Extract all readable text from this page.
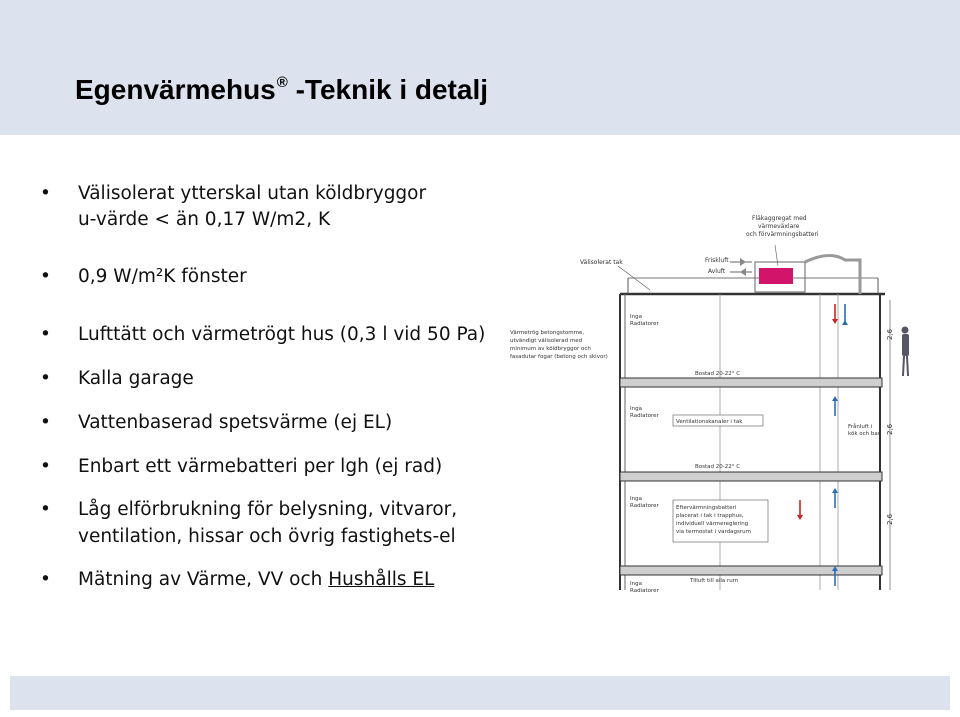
Egenvärmehus® -Teknik i detalj
• Välisolerat ytterskal utan köldbryggor
u-värde < än 0,17 W/m2, K
• 0,9 W/m²K fönster
• Lufttätt och värmetrögt hus (0,3 l vid 50 Pa)
• Kalla garage
• Vattenbaserad spetsvärme (ej EL)
• Enbart ett värmebatteri per lgh (ej rad)
• Låg elförbrukning för belysning, vitvaror,
ventilation, hissar och övrig fastighets-el
• Mätning av Värme, VV och Hushålls EL
Friskluft
Avluft
Välisolerat tak
Fläkaggregat med värmeväxlare och förvärmningsbatteri
Inga Radiatorer
Inga Radiatorer
Inga Radiatorer
Inga Radiatorer
Värmetrög betongstomme, utvändigt välisolerad med minimum av köldbryggor och fasadutar fogar (betong och skivor)
Bostad 20-22° C
Bostad 20-22° C
Ventilationskanaler i tak
Frånluft i kök och bad
Eftervärmningsbatteri placerat i tak i trapphus, individuell värmereglering via termostat i vardagsrum
Tilluft till alla rum
2,6
2,6
2,6
